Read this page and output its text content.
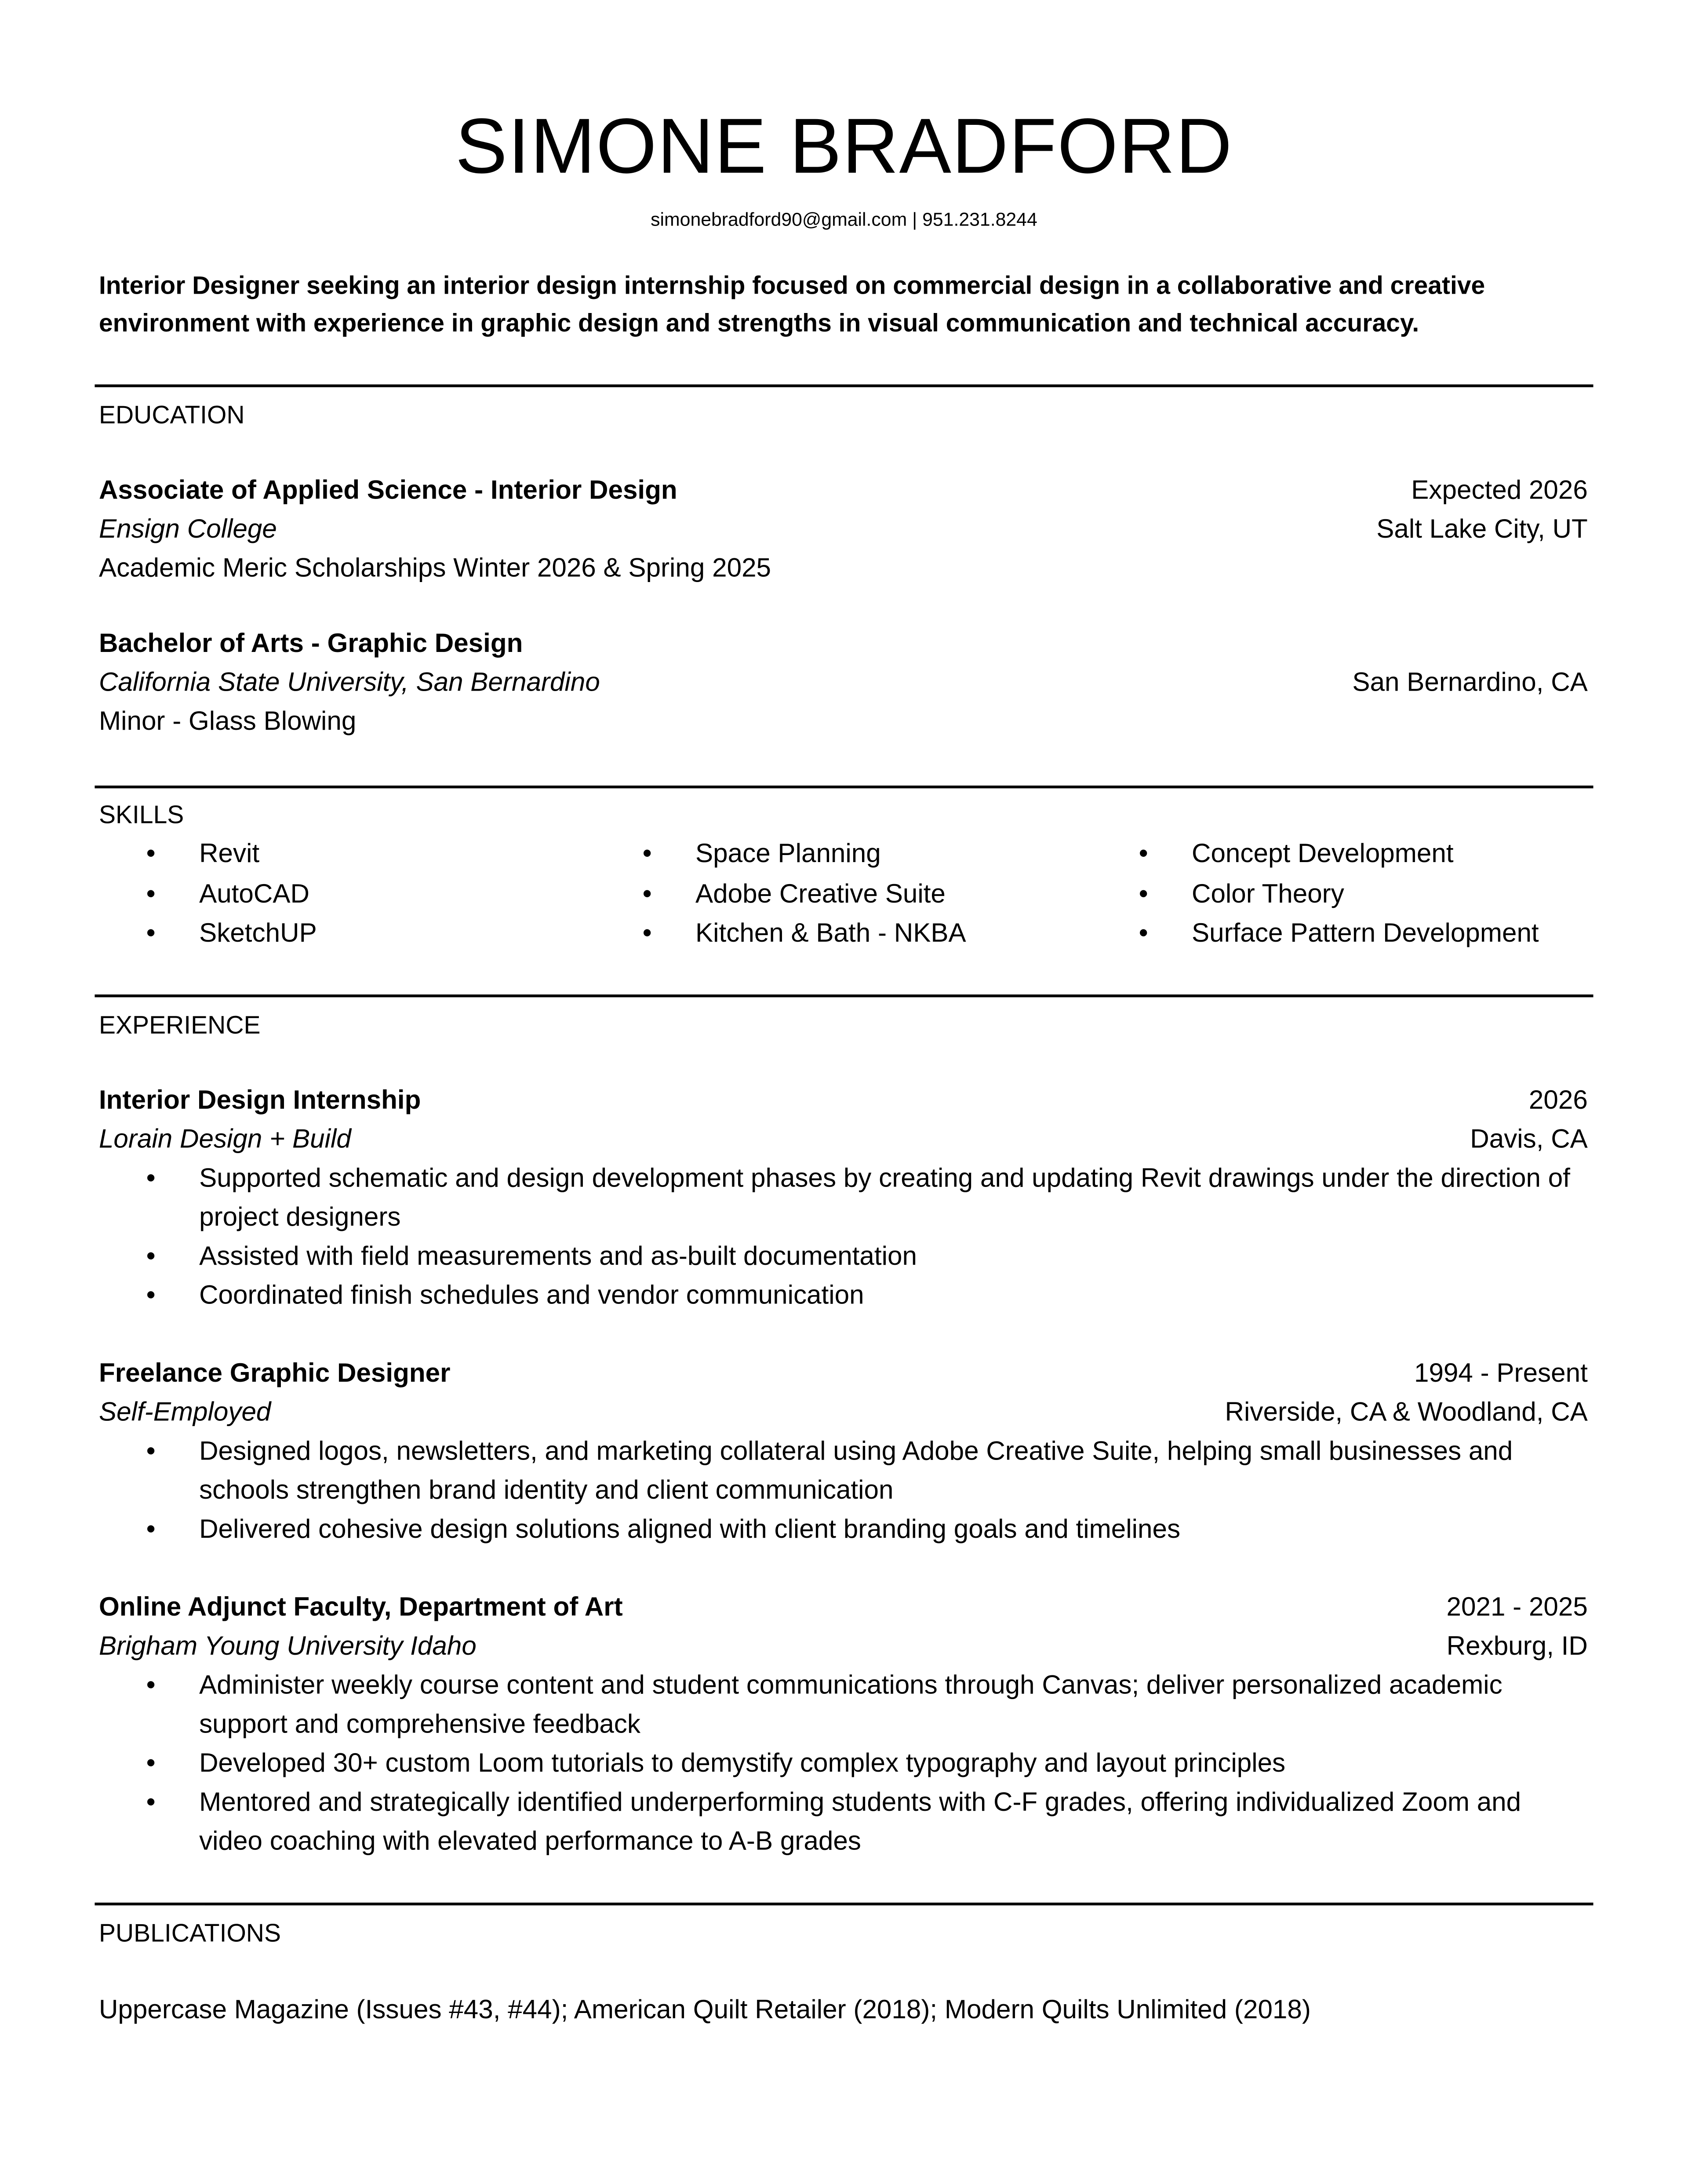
SIMONE BRADFORD
simonebradford90@gmail.com | 951.231.8244
Interior Designer seeking an interior design internship focused on commercial design in a collaborative and creative environment with experience in graphic design and strengths in visual communication and technical accuracy.
EDUCATION
Associate of Applied Science - Interior Design	Expected 2026
Ensign College	Salt Lake City, UT
Academic Meric Scholarships Winter 2026 & Spring 2025
Bachelor of Arts - Graphic Design
California State University, San Bernardino	San Bernardino, CA
Minor - Glass Blowing
SKILLS
• Revit
• AutoCAD
• SketchUP
• Space Planning
• Adobe Creative Suite
• Kitchen & Bath - NKBA
• Concept Development
• Color Theory
• Surface Pattern Development
EXPERIENCE
Interior Design Internship	2026
Lorain Design + Build	Davis, CA
• Supported schematic and design development phases by creating and updating Revit drawings under the direction of project designers
• Assisted with field measurements and as-built documentation
• Coordinated finish schedules and vendor communication
Freelance Graphic Designer	1994 - Present
Self-Employed	Riverside, CA & Woodland, CA
• Designed logos, newsletters, and marketing collateral using Adobe Creative Suite, helping small businesses and schools strengthen brand identity and client communication
• Delivered cohesive design solutions aligned with client branding goals and timelines
Online Adjunct Faculty, Department of Art	2021 - 2025
Brigham Young University Idaho	Rexburg, ID
• Administer weekly course content and student communications through Canvas; deliver personalized academic support and comprehensive feedback
• Developed 30+ custom Loom tutorials to demystify complex typography and layout principles
• Mentored and strategically identified underperforming students with C-F grades, offering individualized Zoom and video coaching with elevated performance to A-B grades
PUBLICATIONS
Uppercase Magazine (Issues #43, #44); American Quilt Retailer (2018); Modern Quilts Unlimited (2018)
